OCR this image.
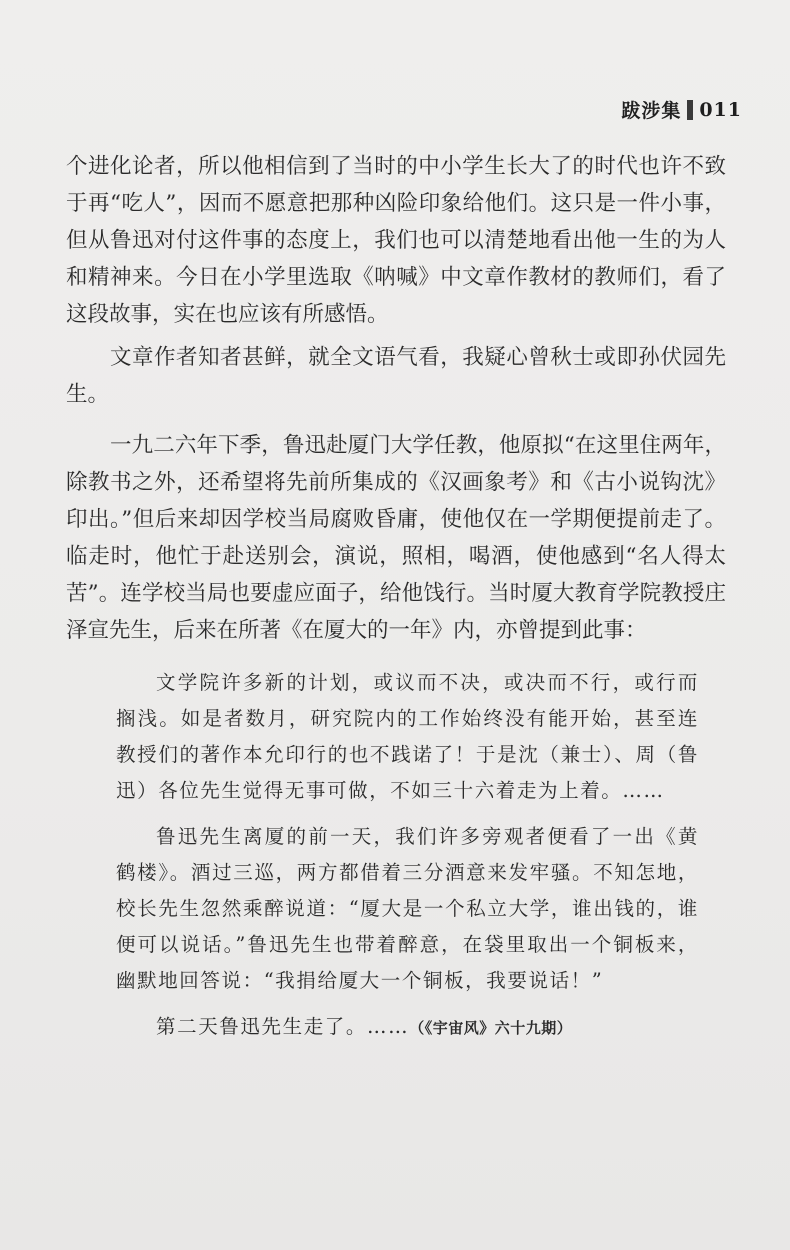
跋涉集 011

个进化论者，所以他相信到了当时的中小学生长大了的时代也许不致于再“吃人”，因而不愿意把那种凶险印象给他们。这只是一件小事，但从鲁迅对付这件事的态度上，我们也可以清楚地看出他一生的为人和精神来。今日在小学里选取《呐喊》中文章作教材的教师们，看了这段故事，实在也应该有所感悟。

文章作者知者甚鲜，就全文语气看，我疑心曾秋士或即孙伏园先生。

一九二六年下季，鲁迅赴厦门大学任教，他原拟“在这里住两年，除教书之外，还希望将先前所集成的《汉画象考》和《古小说钩沈》印出。”但后来却因学校当局腐败昏庸，使他仅在一学期便提前走了。临走时，他忙于赴送别会，演说，照相，喝酒，使他感到“名人得太苦”。连学校当局也要虚应面子，给他饯行。当时厦大教育学院教授庄泽宣先生，后来在所著《在厦大的一年》内，亦曾提到此事：

文学院许多新的计划，或议而不决，或决而不行，或行而搁浅。如是者数月，研究院内的工作始终没有能开始，甚至连教授们的著作本允印行的也不践诺了！于是沈（兼士）、周（鲁迅）各位先生觉得无事可做，不如三十六着走为上着。……

鲁迅先生离厦的前一天，我们许多旁观者便看了一出《黄鹤楼》。酒过三巡，两方都借着三分酒意来发牢骚。不知怎地，校长先生忽然乘醉说道：“厦大是一个私立大学，谁出钱的，谁便可以说话。”鲁迅先生也带着醉意，在袋里取出一个铜板来，幽默地回答说：“我捐给厦大一个铜板，我要说话！”

第二天鲁迅先生走了。……（《宇宙风》六十九期）
